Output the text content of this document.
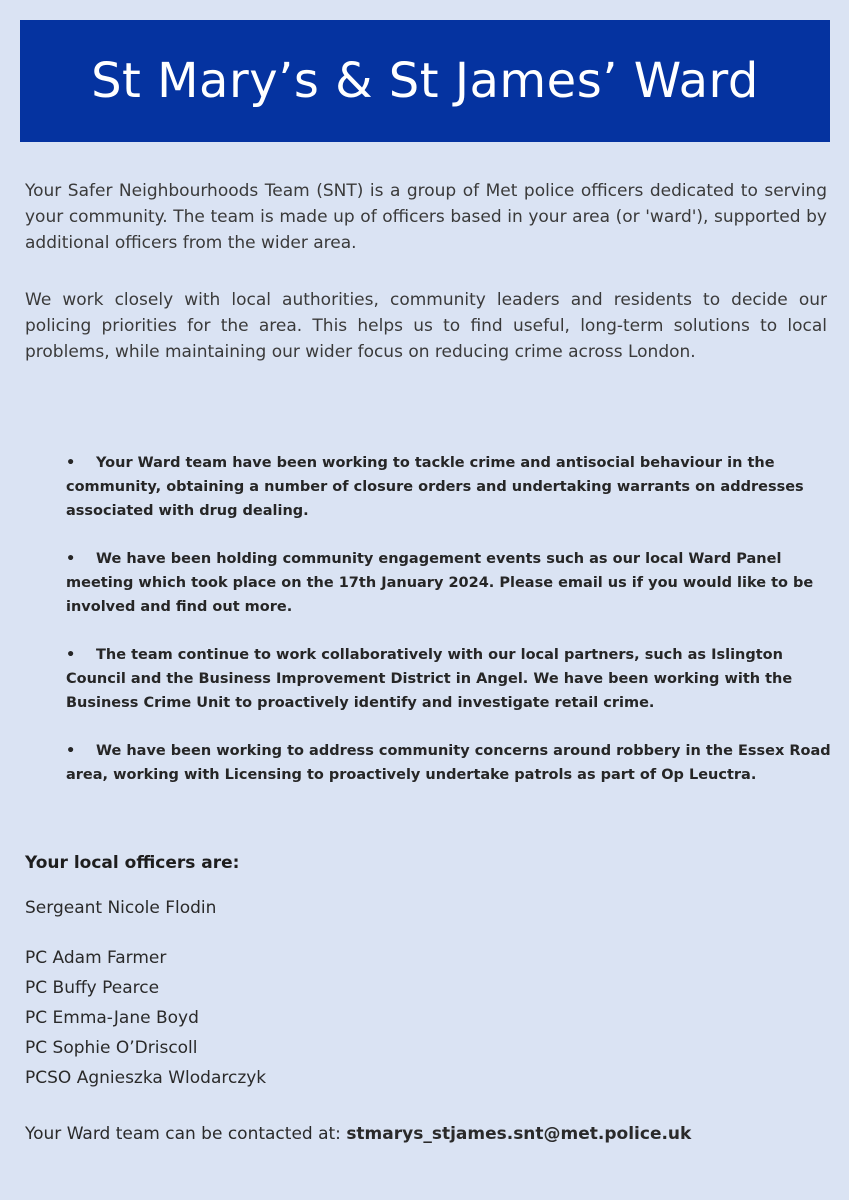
St Mary’s & St James’ Ward

Your Safer Neighbourhoods Team (SNT) is a group of Met police officers dedicated to serving your community. The team is made up of officers based in your area (or 'ward'), supported by additional officers from the wider area.

We work closely with local authorities, community leaders and residents to decide our policing priorities for the area. This helps us to find useful, long-term solutions to local problems, while maintaining our wider focus on reducing crime across London.

• Your Ward team have been working to tackle crime and antisocial behaviour in the community, obtaining a number of closure orders and undertaking warrants on addresses associated with drug dealing.
• We have been holding community engagement events such as our local Ward Panel meeting which took place on the 17th January 2024. Please email us if you would like to be involved and find out more.
• The team continue to work collaboratively with our local partners, such as Islington Council and the Business Improvement District in Angel. We have been working with the Business Crime Unit to proactively identify and investigate retail crime.
• We have been working to address community concerns around robbery in the Essex Road area, working with Licensing to proactively undertake patrols as part of Op Leuctra.
Your local officers are:

Sergeant Nicole Flodin

PC Adam Farmer
PC Buffy Pearce
PC Emma-Jane Boyd
PC Sophie O’Driscoll
PCSO Agnieszka Wlodarczyk

Your Ward team can be contacted at: stmarys_stjames.snt@met.police.uk
